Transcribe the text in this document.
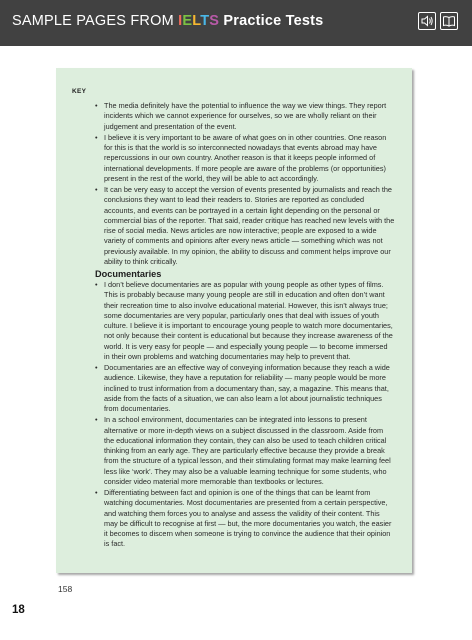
SAMPLE PAGES FROM IELTS Practice Tests
KEY
• The media definitely have the potential to influence the way we view things. They report incidents which we cannot experience for ourselves, so we are wholly reliant on their judgement and presentation of the event.
• I believe it is very important to be aware of what goes on in other countries. One reason for this is that the world is so interconnected nowadays that events abroad may have repercussions in our own country. Another reason is that it keeps people informed of international developments. If more people are aware of the problems (or opportunities) present in the rest of the world, they will be able to act accordingly.
• It can be very easy to accept the version of events presented by journalists and reach the conclusions they want to lead their readers to. Stories are reported as concluded accounts, and events can be portrayed in a certain light depending on the personal or commercial bias of the reporter. That said, reader critique has reached new levels with the rise of social media. News articles are now interactive; people are exposed to a wide variety of comments and opinions after every news article — something which was not previously available. In my opinion, the ability to discuss and comment helps improve our ability to think critically.
Documentaries
• I don’t believe documentaries are as popular with young people as other types of films. This is probably because many young people are still in education and often don’t want their recreation time to also involve educational material. However, this isn’t always true; some documentaries are very popular, particularly ones that deal with issues of youth culture. I believe it is important to encourage young people to watch more documentaries, not only because their content is educational but because they increase awareness of the world. It is very easy for people — and especially young people — to become immersed in their own problems and watching documentaries may help to prevent that.
• Documentaries are an effective way of conveying information because they reach a wide audience. Likewise, they have a reputation for reliability — many people would be more inclined to trust information from a documentary than, say, a magazine. This means that, aside from the facts of a situation, we can also learn a lot about journalistic techniques from documentaries.
• In a school environment, documentaries can be integrated into lessons to present alternative or more in-depth views on a subject discussed in the classroom. Aside from the educational information they contain, they can also be used to teach children critical thinking from an early age. They are particularly effective because they provide a break from the structure of a typical lesson, and their stimulating format may make learning feel less like ‘work’. They may also be a valuable learning technique for some students, who consider video material more memorable than textbooks or lectures.
• Differentiating between fact and opinion is one of the things that can be learnt from watching documentaries. Most documentaries are presented from a certain perspective, and watching them forces you to analyse and assess the validity of their content. This may be difficult to recognise at first — but, the more documentaries you watch, the easier it becomes to discern when someone is trying to convince the audience that their opinion is fact.
158
18
